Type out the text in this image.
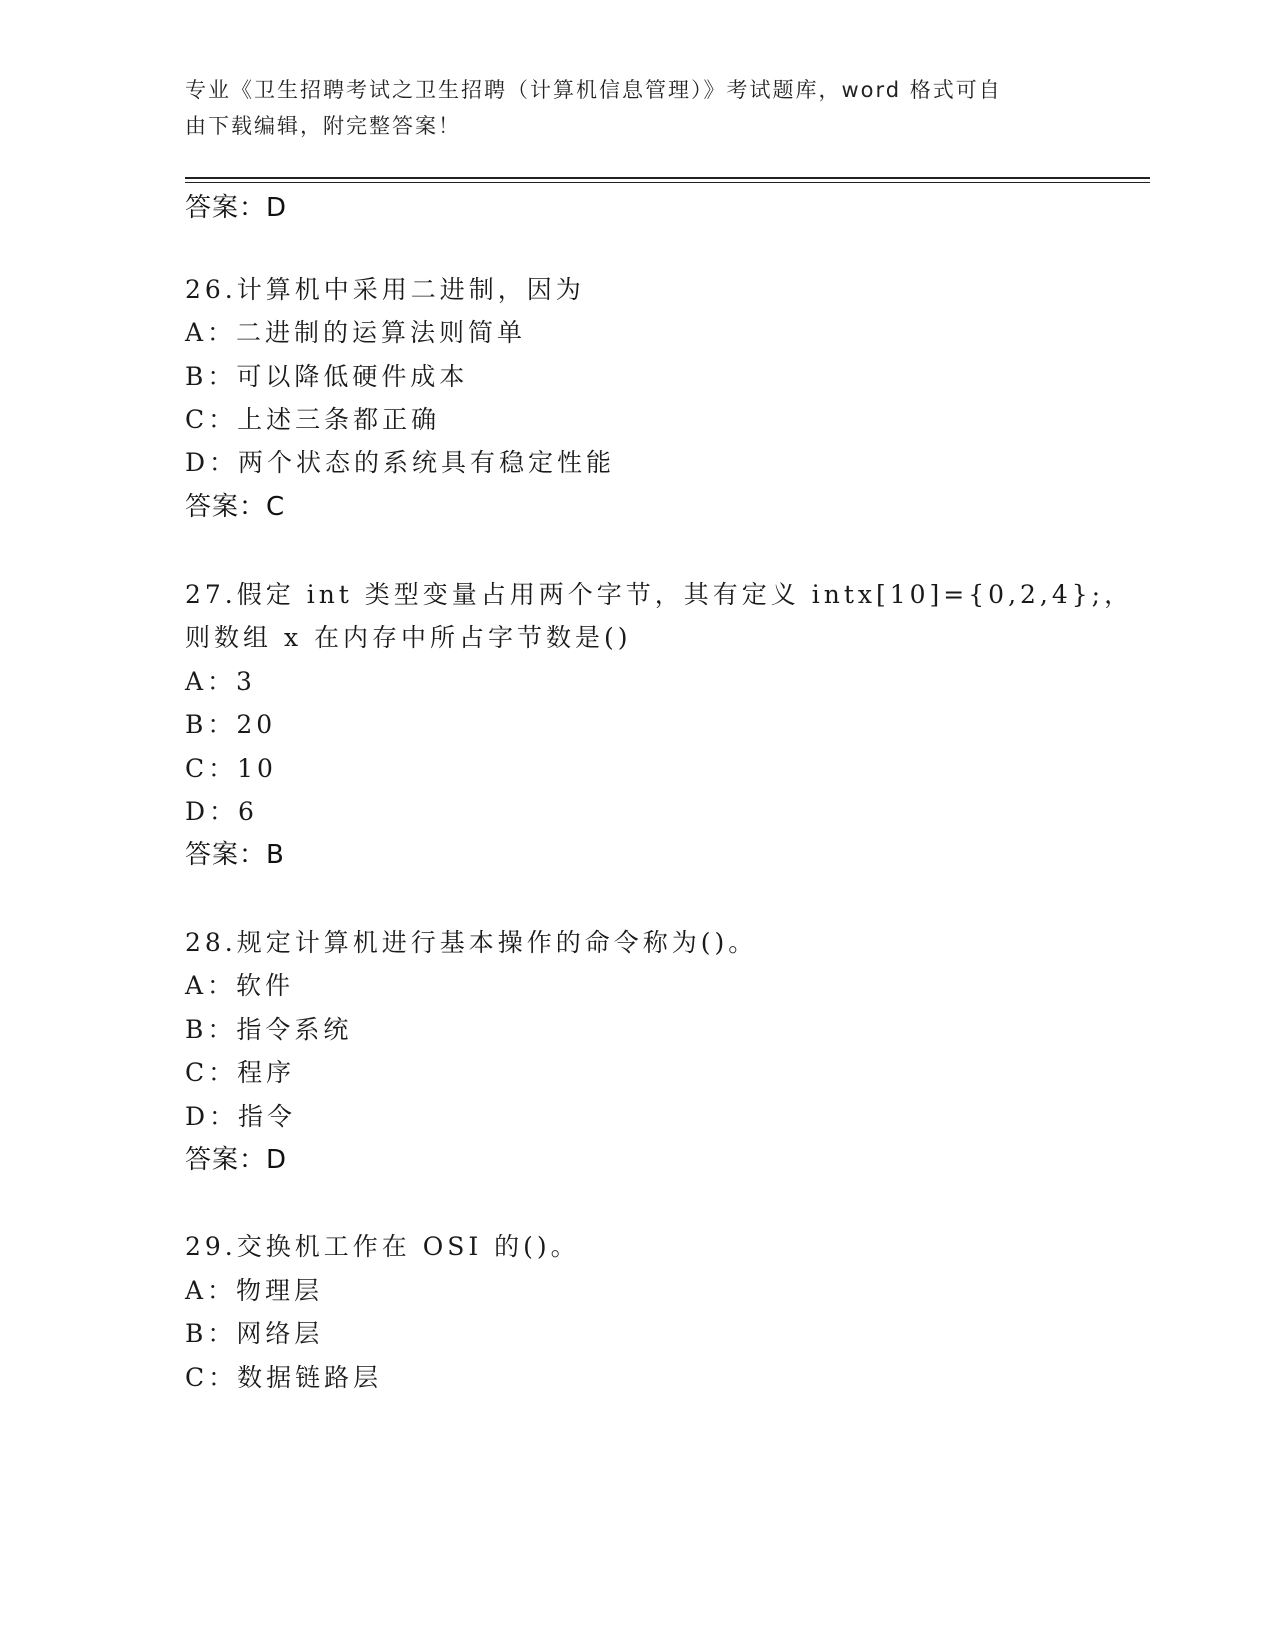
专业《卫生招聘考试之卫生招聘（计算机信息管理）》考试题库，word 格式可自
由下载编辑，附完整答案！
答案：D
26.计算机中采用二进制，因为
A：二进制的运算法则简单
B：可以降低硬件成本
C：上述三条都正确
D：两个状态的系统具有稳定性能
答案：C
27.假定 int 类型变量占用两个字节，其有定义 intx[10]={0,2,4};，
则数组 x 在内存中所占字节数是()
A：3
B：20
C：10
D：6
答案：B
28.规定计算机进行基本操作的命令称为()。
A：软件
B：指令系统
C：程序
D：指令
答案：D
29.交换机工作在 OSI 的()。
A：物理层
B：网络层
C：数据链路层
